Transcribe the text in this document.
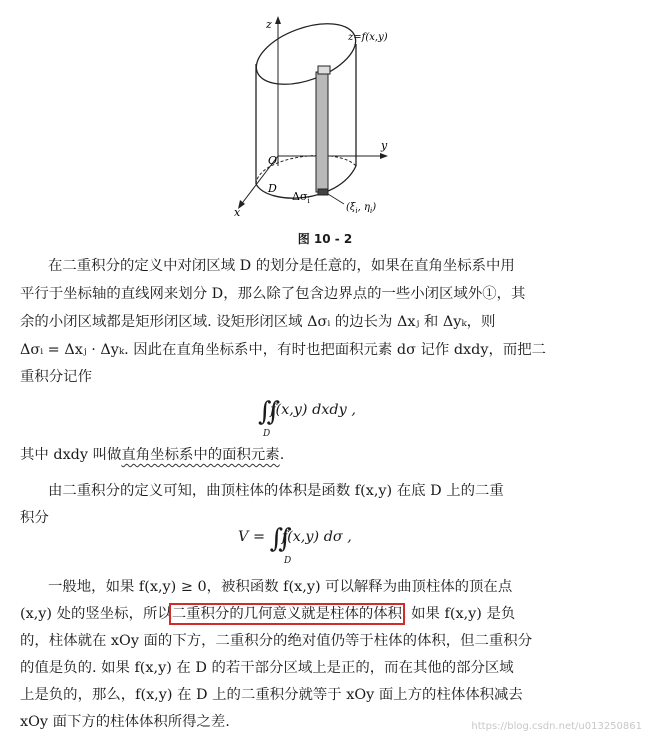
z
y
x
O
z=f(x,y)
D
$\Delta\sigma_i$
($\xi_i$, $\eta_i$)
图 10 - 2
在二重积分的定义中对闭区域 D 的划分是任意的，如果在直角坐标系中用
平行于坐标轴的直线网来划分 D，那么除了包含边界点的一些小闭区域外①，其
余的小闭区域都是矩形闭区域. 设矩形闭区域 Δσᵢ 的边长为 Δxⱼ 和 Δyₖ，则
Δσᵢ = Δxⱼ · Δyₖ. 因此在直角坐标系中，有时也把面积元素 dσ 记作 dxdy，而把二
重积分记作
∬f(x,y) dxdy ,
D
其中 dxdy 叫做直角坐标系中的面积元素.
由二重积分的定义可知，曲顶柱体的体积是函数 f(x,y) 在底 D 上的二重
积分
V = ∬f(x,y) dσ ,
D
一般地，如果 f(x,y) ≥ 0，被积函数 f(x,y) 可以解释为曲顶柱体的顶在点
(x,y) 处的竖坐标，所以二重积分的几何意义就是柱体的体积. 如果 f(x,y) 是负
的，柱体就在 xOy 面的下方，二重积分的绝对值仍等于柱体的体积，但二重积分
的值是负的. 如果 f(x,y) 在 D 的若干部分区域上是正的，而在其他的部分区域
上是负的，那么，f(x,y) 在 D 上的二重积分就等于 xOy 面上方的柱体体积减去
xOy 面下方的柱体体积所得之差.	https://blog.csdn.net/u013250861
